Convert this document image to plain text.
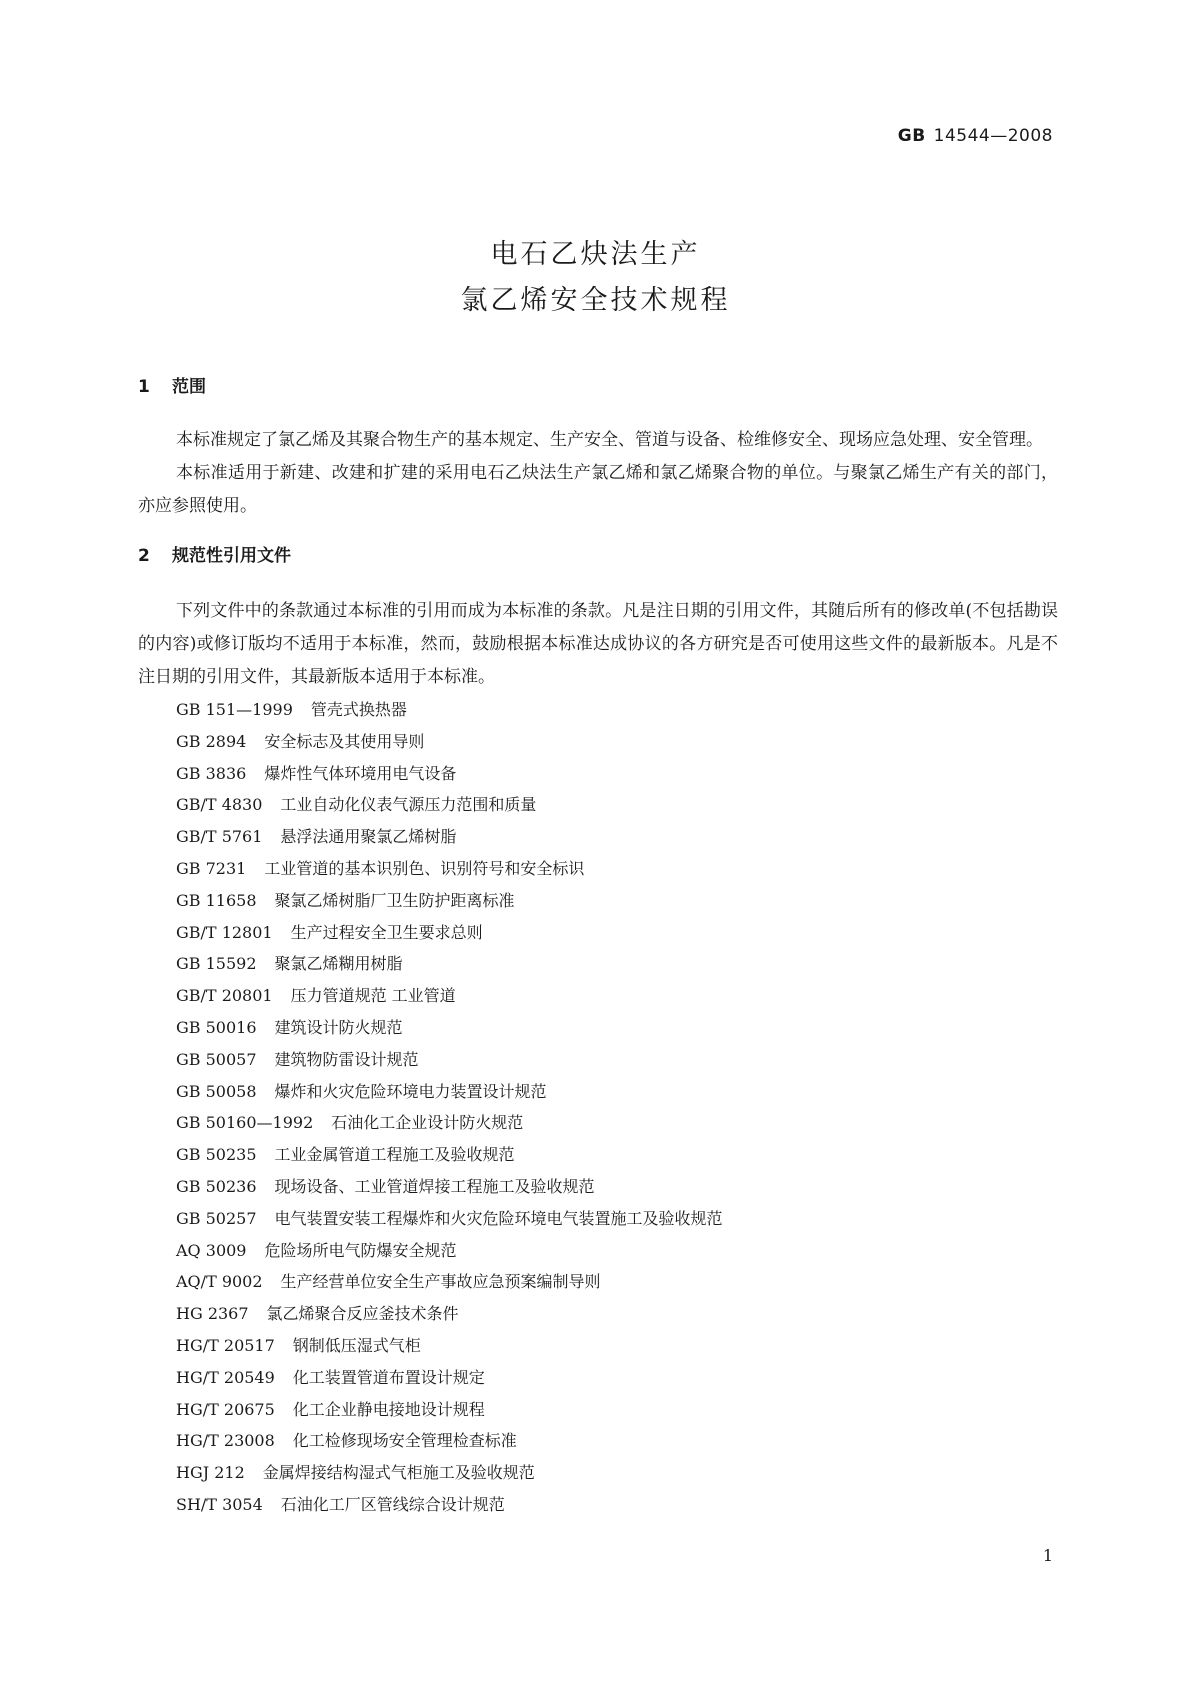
GB 14544—2008
电石乙炔法生产
氯乙烯安全技术规程
1 范围

本标准规定了氯乙烯及其聚合物生产的基本规定、生产安全、管道与设备、检维修安全、现场应急处理、安全管理。

本标准适用于新建、改建和扩建的采用电石乙炔法生产氯乙烯和氯乙烯聚合物的单位。与聚氯乙烯生产有关的部门，亦应参照使用。

2 规范性引用文件

下列文件中的条款通过本标准的引用而成为本标准的条款。凡是注日期的引用文件，其随后所有的修改单(不包括勘误的内容)或修订版均不适用于本标准，然而，鼓励根据本标准达成协议的各方研究是否可使用这些文件的最新版本。凡是不注日期的引用文件，其最新版本适用于本标准。

GB 151—1999 管壳式换热器
GB 2894 安全标志及其使用导则
GB 3836 爆炸性气体环境用电气设备
GB/T 4830 工业自动化仪表气源压力范围和质量
GB/T 5761 悬浮法通用聚氯乙烯树脂
GB 7231 工业管道的基本识别色、识别符号和安全标识
GB 11658 聚氯乙烯树脂厂卫生防护距离标准
GB/T 12801 生产过程安全卫生要求总则
GB 15592 聚氯乙烯糊用树脂
GB/T 20801 压力管道规范 工业管道
GB 50016 建筑设计防火规范
GB 50057 建筑物防雷设计规范
GB 50058 爆炸和火灾危险环境电力装置设计规范
GB 50160—1992 石油化工企业设计防火规范
GB 50235 工业金属管道工程施工及验收规范
GB 50236 现场设备、工业管道焊接工程施工及验收规范
GB 50257 电气装置安装工程爆炸和火灾危险环境电气装置施工及验收规范
AQ 3009 危险场所电气防爆安全规范
AQ/T 9002 生产经营单位安全生产事故应急预案编制导则
HG 2367 氯乙烯聚合反应釜技术条件
HG/T 20517 钢制低压湿式气柜
HG/T 20549 化工装置管道布置设计规定
HG/T 20675 化工企业静电接地设计规程
HG/T 23008 化工检修现场安全管理检查标准
HGJ 212 金属焊接结构湿式气柜施工及验收规范
SH/T 3054 石油化工厂区管线综合设计规范
1
